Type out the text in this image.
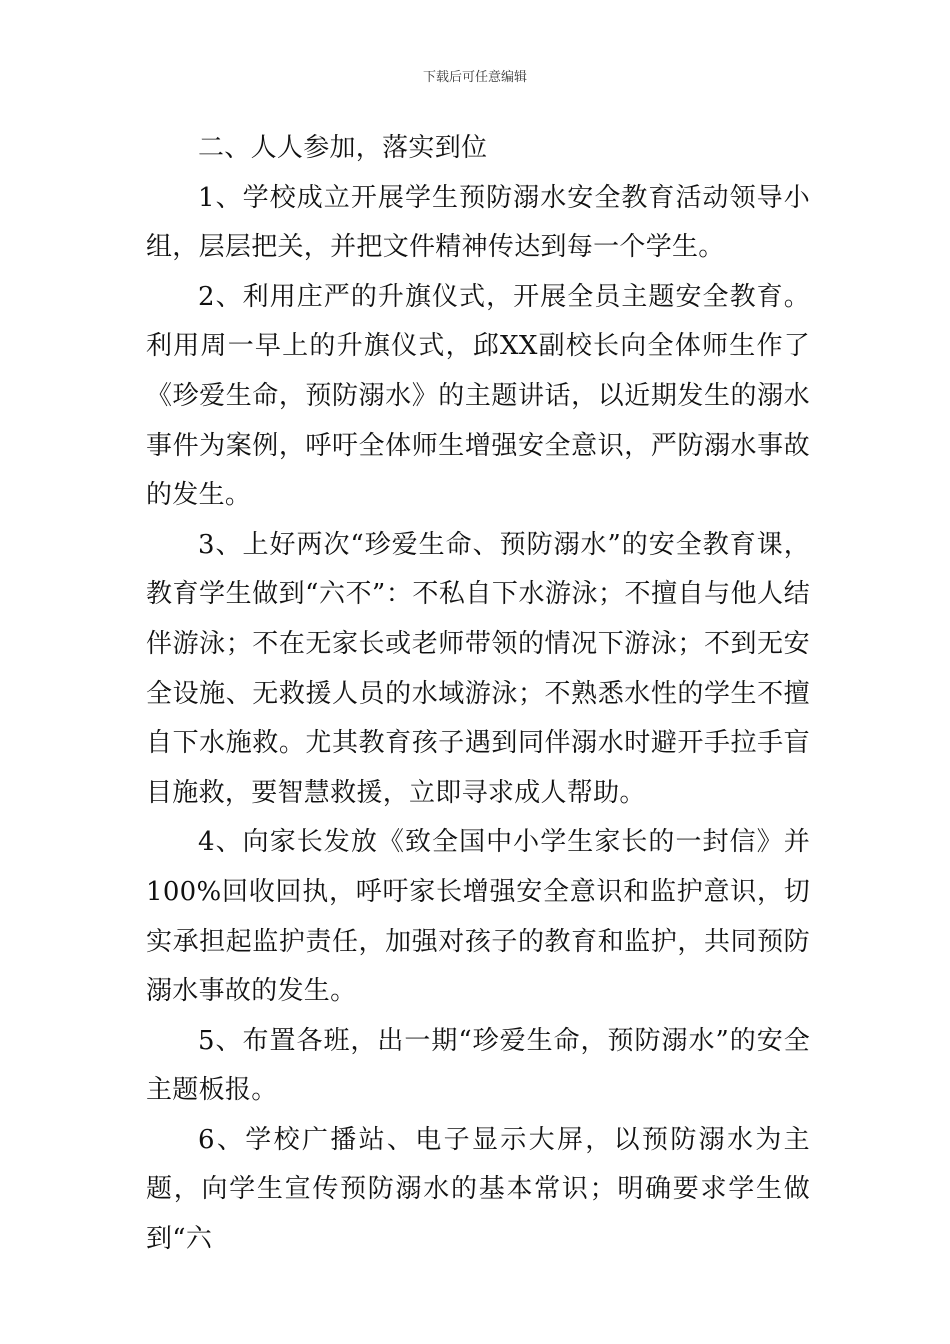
下载后可任意编辑

二、人人参加，落实到位

1、学校成立开展学生预防溺水安全教育活动领导小组，层层把关，并把文件精神传达到每一个学生。

2、利用庄严的升旗仪式，开展全员主题安全教育。利用周一早上的升旗仪式，邱XX副校长向全体师生作了《珍爱生命，预防溺水》的主题讲话，以近期发生的溺水事件为案例，呼吁全体师生增强安全意识，严防溺水事故的发生。

3、上好两次“珍爱生命、预防溺水”的安全教育课，教育学生做到“六不”：不私自下水游泳；不擅自与他人结伴游泳；不在无家长或老师带领的情况下游泳；不到无安全设施、无救援人员的水域游泳；不熟悉水性的学生不擅自下水施救。尤其教育孩子遇到同伴溺水时避开手拉手盲目施救，要智慧救援，立即寻求成人帮助。

4、向家长发放《致全国中小学生家长的一封信》并100%回收回执，呼吁家长增强安全意识和监护意识，切实承担起监护责任，加强对孩子的教育和监护，共同预防溺水事故的发生。

5、布置各班，出一期“珍爱生命，预防溺水”的安全主题板报。

6、学校广播站、电子显示大屏，以预防溺水为主题，向学生宣传预防溺水的基本常识；明确要求学生做到“六
